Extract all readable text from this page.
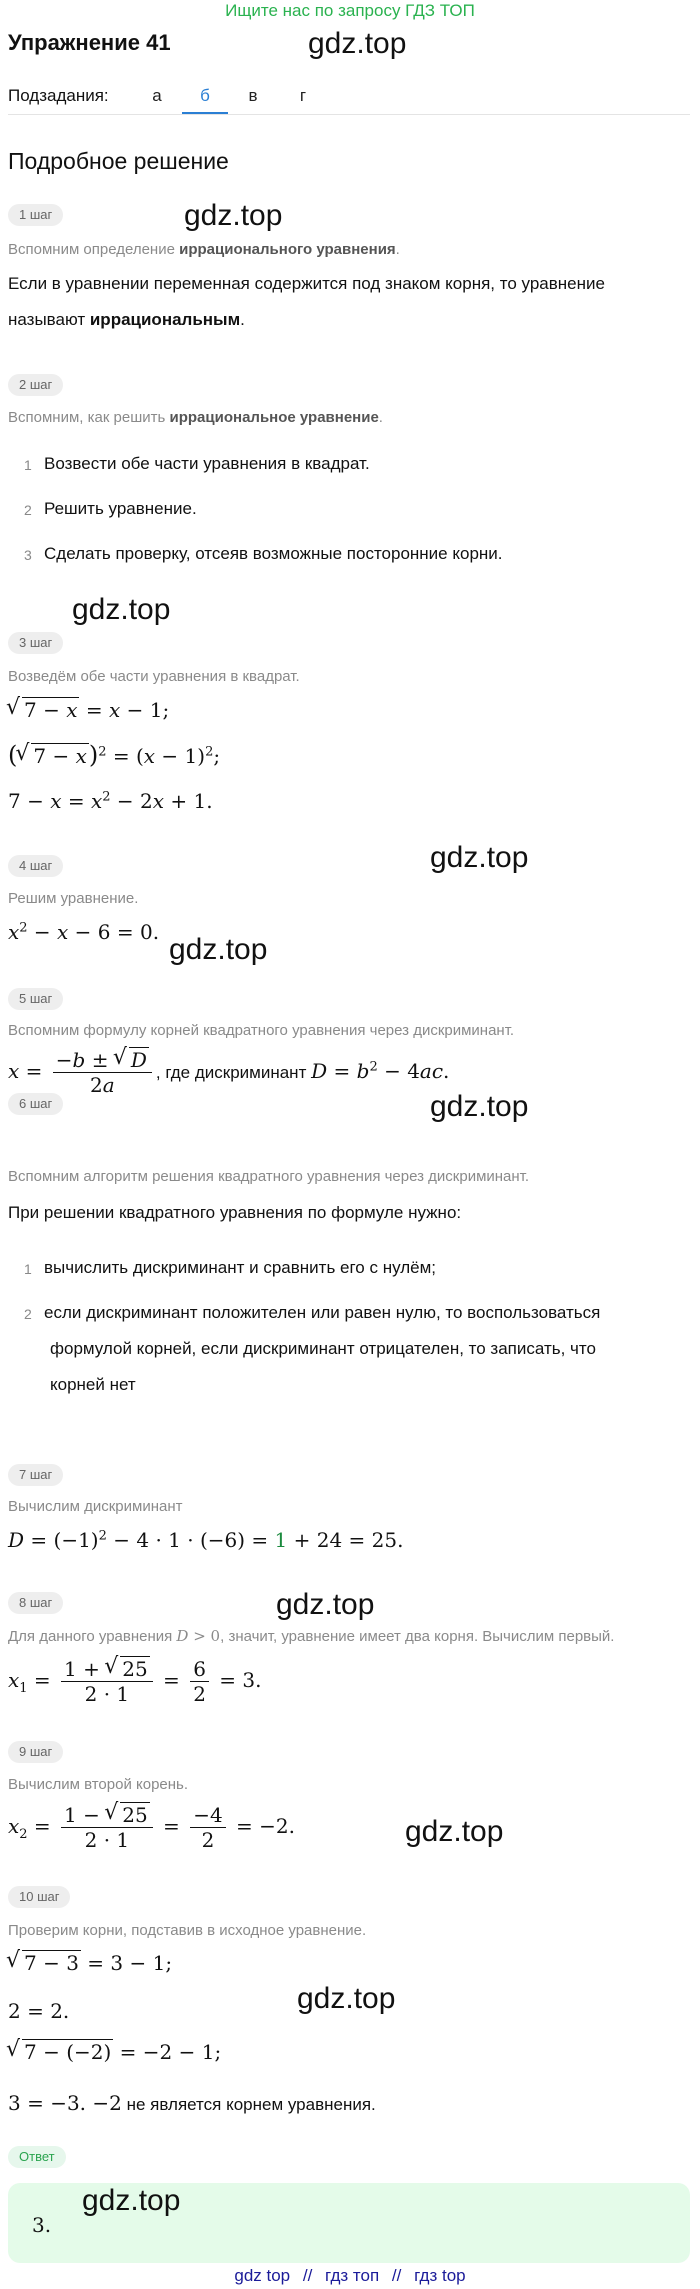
Ищите нас по запросу ГДЗ ТОП
Упражнение 41	gdz.top
Подзадания:	а	б	в	г
Подробное решение
1 шаг	gdz.top
Вспомним определение иррационального уравнения.
Если в уравнении переменная содержится под знаком корня, то уравнение
называют иррациональным.
2 шаг
Вспомним, как решить иррациональное уравнение.
1 Возвести обе части уравнения в квадрат.
2 Решить уравнение.
3 Сделать проверку, отсеяв возможные посторонние корни.
gdz.top
3 шаг
Возведём обе части уравнения в квадрат.
√ 7 − x = x − 1;
(√ $7 - x)^2 = (x - 1)^2$;
$7 - x = x^2 - 2x + 1$.
4 шаг	gdz.top
Решим уравнение.
$x^2 - x - 6 = 0$.
gdz.top
5 шаг
Вспомним формулу корней квадратного уравнения через дискриминант.
$x = \frac{-b \pm √ D}{2a}$ , где дискриминант $D = b^2 - 4ac$.
gdz.top
6 шаг
Вспомним алгоритм решения квадратного уравнения через дискриминант.
При решении квадратного уравнения по формуле нужно:
1 вычислить дискриминант и сравнить его с нулём;
2 если дискриминант положителен или равен нулю, то воспользоваться
формулой корней, если дискриминант отрицателен, то записать, что
корней нет
7 шаг
Вычислим дискриминант
$D = (-1)^2 - 4 \cdot 1 \cdot (-6) = 1 + 24 = 25$.
8 шаг	gdz.top
Для данного уравнения D > 0, значит, уравнение имеет два корня. Вычислим первый.
$x_1 = \frac{1 + √ 25}{2 \cdot 1} = \frac{6}{2} = 3$.
9 шаг
Вычислим второй корень.
$x_2 = \frac{1 - √ 25}{2 \cdot 1} = \frac{-4}{2} = -2$.	gdz.top
10 шаг
Проверим корни, подставив в исходное уравнение.
√ 7 − 3 = 3 − 1;
2 = 2.	gdz.top
√ 7 − (−2) = −2 − 1;
3 = −3. −2 не является корнем уравнения.
Ответ
3.
gdz.top
gdz top // гдз топ // гдз top
